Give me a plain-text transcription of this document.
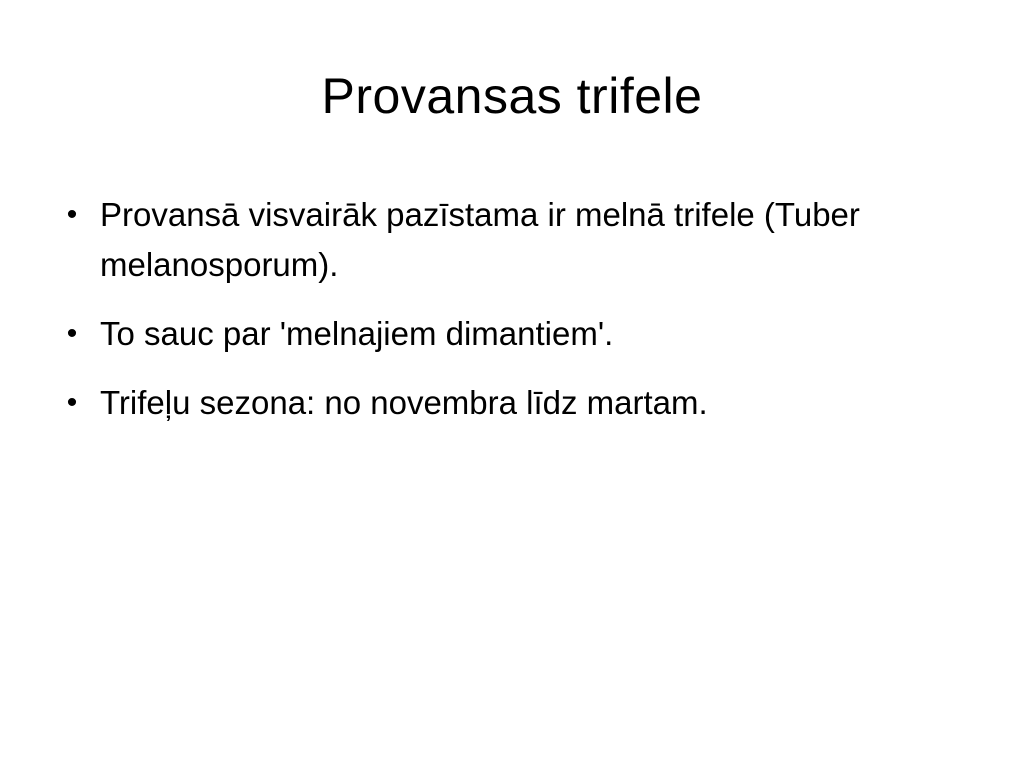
Provansas trifele
• Provansā visvairāk pazīstama ir melnā trifele (Tuber melanosporum).
• To sauc par 'melnajiem dimantiem'.
• Trifeļu sezona: no novembra līdz martam.
